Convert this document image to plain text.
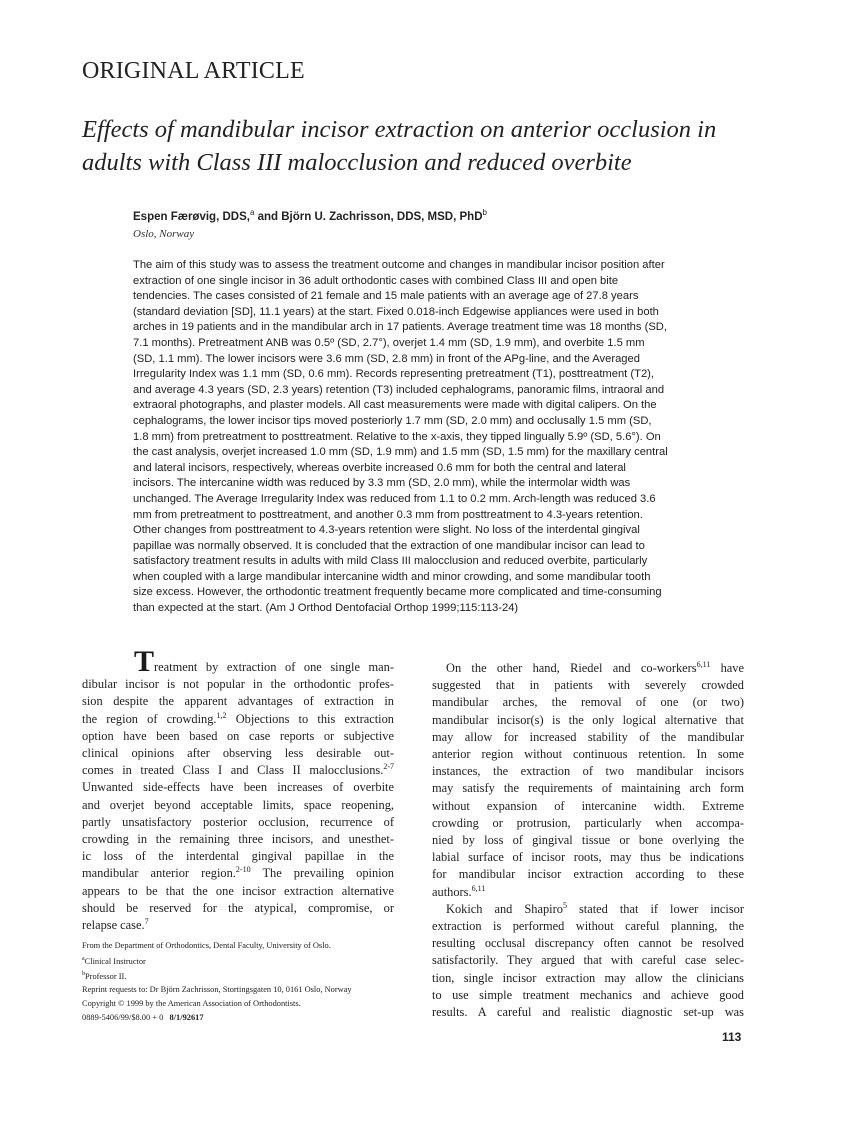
ORIGINAL ARTICLE
Effects of mandibular incisor extraction on anterior occlusion in
adults with Class III malocclusion and reduced overbite
Espen Færøvig, DDS,$^a$ and Björn U. Zachrisson, DDS, MSD, PhD$^b$
Oslo, Norway
The aim of this study was to assess the treatment outcome and changes in mandibular incisor position after
extraction of one single incisor in 36 adult orthodontic cases with combined Class III and open bite
tendencies. The cases consisted of 21 female and 15 male patients with an average age of 27.8 years
(standard deviation [SD], 11.1 years) at the start. Fixed 0.018-inch Edgewise appliances were used in both
arches in 19 patients and in the mandibular arch in 17 patients. Average treatment time was 18 months (SD,
7.1 months). Pretreatment ANB was 0.5º (SD, 2.7°), overjet 1.4 mm (SD, 1.9 mm), and overbite 1.5 mm
(SD, 1.1 mm). The lower incisors were 3.6 mm (SD, 2.8 mm) in front of the APg-line, and the Averaged
Irregularity Index was 1.1 mm (SD, 0.6 mm). Records representing pretreatment (T1), posttreatment (T2),
and average 4.3 years (SD, 2.3 years) retention (T3) included cephalograms, panoramic films, intraoral and
extraoral photographs, and plaster models. All cast measurements were made with digital calipers. On the
cephalograms, the lower incisor tips moved posteriorly 1.7 mm (SD, 2.0 mm) and occlusally 1.5 mm (SD,
1.8 mm) from pretreatment to posttreatment. Relative to the x-axis, they tipped lingually 5.9º (SD, 5.6°). On
the cast analysis, overjet increased 1.0 mm (SD, 1.9 mm) and 1.5 mm (SD, 1.5 mm) for the maxillary central
and lateral incisors, respectively, whereas overbite increased 0.6 mm for both the central and lateral
incisors. The intercanine width was reduced by 3.3 mm (SD, 2.0 mm), while the intermolar width was
unchanged. The Average Irregularity Index was reduced from 1.1 to 0.2 mm. Arch-length was reduced 3.6
mm from pretreatment to posttreatment, and another 0.3 mm from posttreatment to 4.3-years retention.
Other changes from posttreatment to 4.3-years retention were slight. No loss of the interdental gingival
papillae was normally observed. It is concluded that the extraction of one mandibular incisor can lead to
satisfactory treatment results in adults with mild Class III malocclusion and reduced overbite, particularly
when coupled with a large mandibular intercanine width and minor crowding, and some mandibular tooth
size excess. However, the orthodontic treatment frequently became more complicated and time-consuming
than expected at the start. (Am J Orthod Dentofacial Orthop 1999;115:113-24)
Treatment by extraction of one single man-
dibular incisor is not popular in the orthodontic profes-
sion despite the apparent advantages of extraction in
the region of crowding.$^{1,2}$ Objections to this extraction
option have been based on case reports or subjective
clinical opinions after observing less desirable out-
comes in treated Class I and Class II malocclusions.$^{2-7}$
Unwanted side-effects have been increases of overbite
and overjet beyond acceptable limits, space reopening,
partly unsatisfactory posterior occlusion, recurrence of
crowding in the remaining three incisors, and unesthet-
ic loss of the interdental gingival papillae in the
mandibular anterior region.$^{2-10}$ The prevailing opinion
appears to be that the one incisor extraction alternative
should be reserved for the atypical, compromise, or
relapse case.$^7$
On the other hand, Riedel and co-workers$^{6,11}$ have
suggested that in patients with severely crowded
mandibular arches, the removal of one (or two)
mandibular incisor(s) is the only logical alternative that
may allow for increased stability of the mandibular
anterior region without continuous retention. In some
instances, the extraction of two mandibular incisors
may satisfy the requirements of maintaining arch form
without expansion of intercanine width. Extreme
crowding or protrusion, particularly when accompa-
nied by loss of gingival tissue or bone overlying the
labial surface of incisor roots, may thus be indications
for mandibular incisor extraction according to these
authors.$^{6,11}$
Kokich and Shapiro$^5$ stated that if lower incisor
extraction is performed without careful planning, the
resulting occlusal discrepancy often cannot be resolved
satisfactorily. They argued that with careful case selec-
tion, single incisor extraction may allow the clinicians
to use simple treatment mechanics and achieve good
results. A careful and realistic diagnostic set-up was
From the Department of Orthodontics, Dental Faculty, University of Oslo.
$^a$Clinical Instructor
$^b$Professor II.
Reprint requests to: Dr Björn Zachrisson, Stortingsgaten 10, 0161 Oslo, Norway
Copyright © 1999 by the American Association of Orthodontists.
0889-5406/99/$8.00 + 0 8/1/92617
113
